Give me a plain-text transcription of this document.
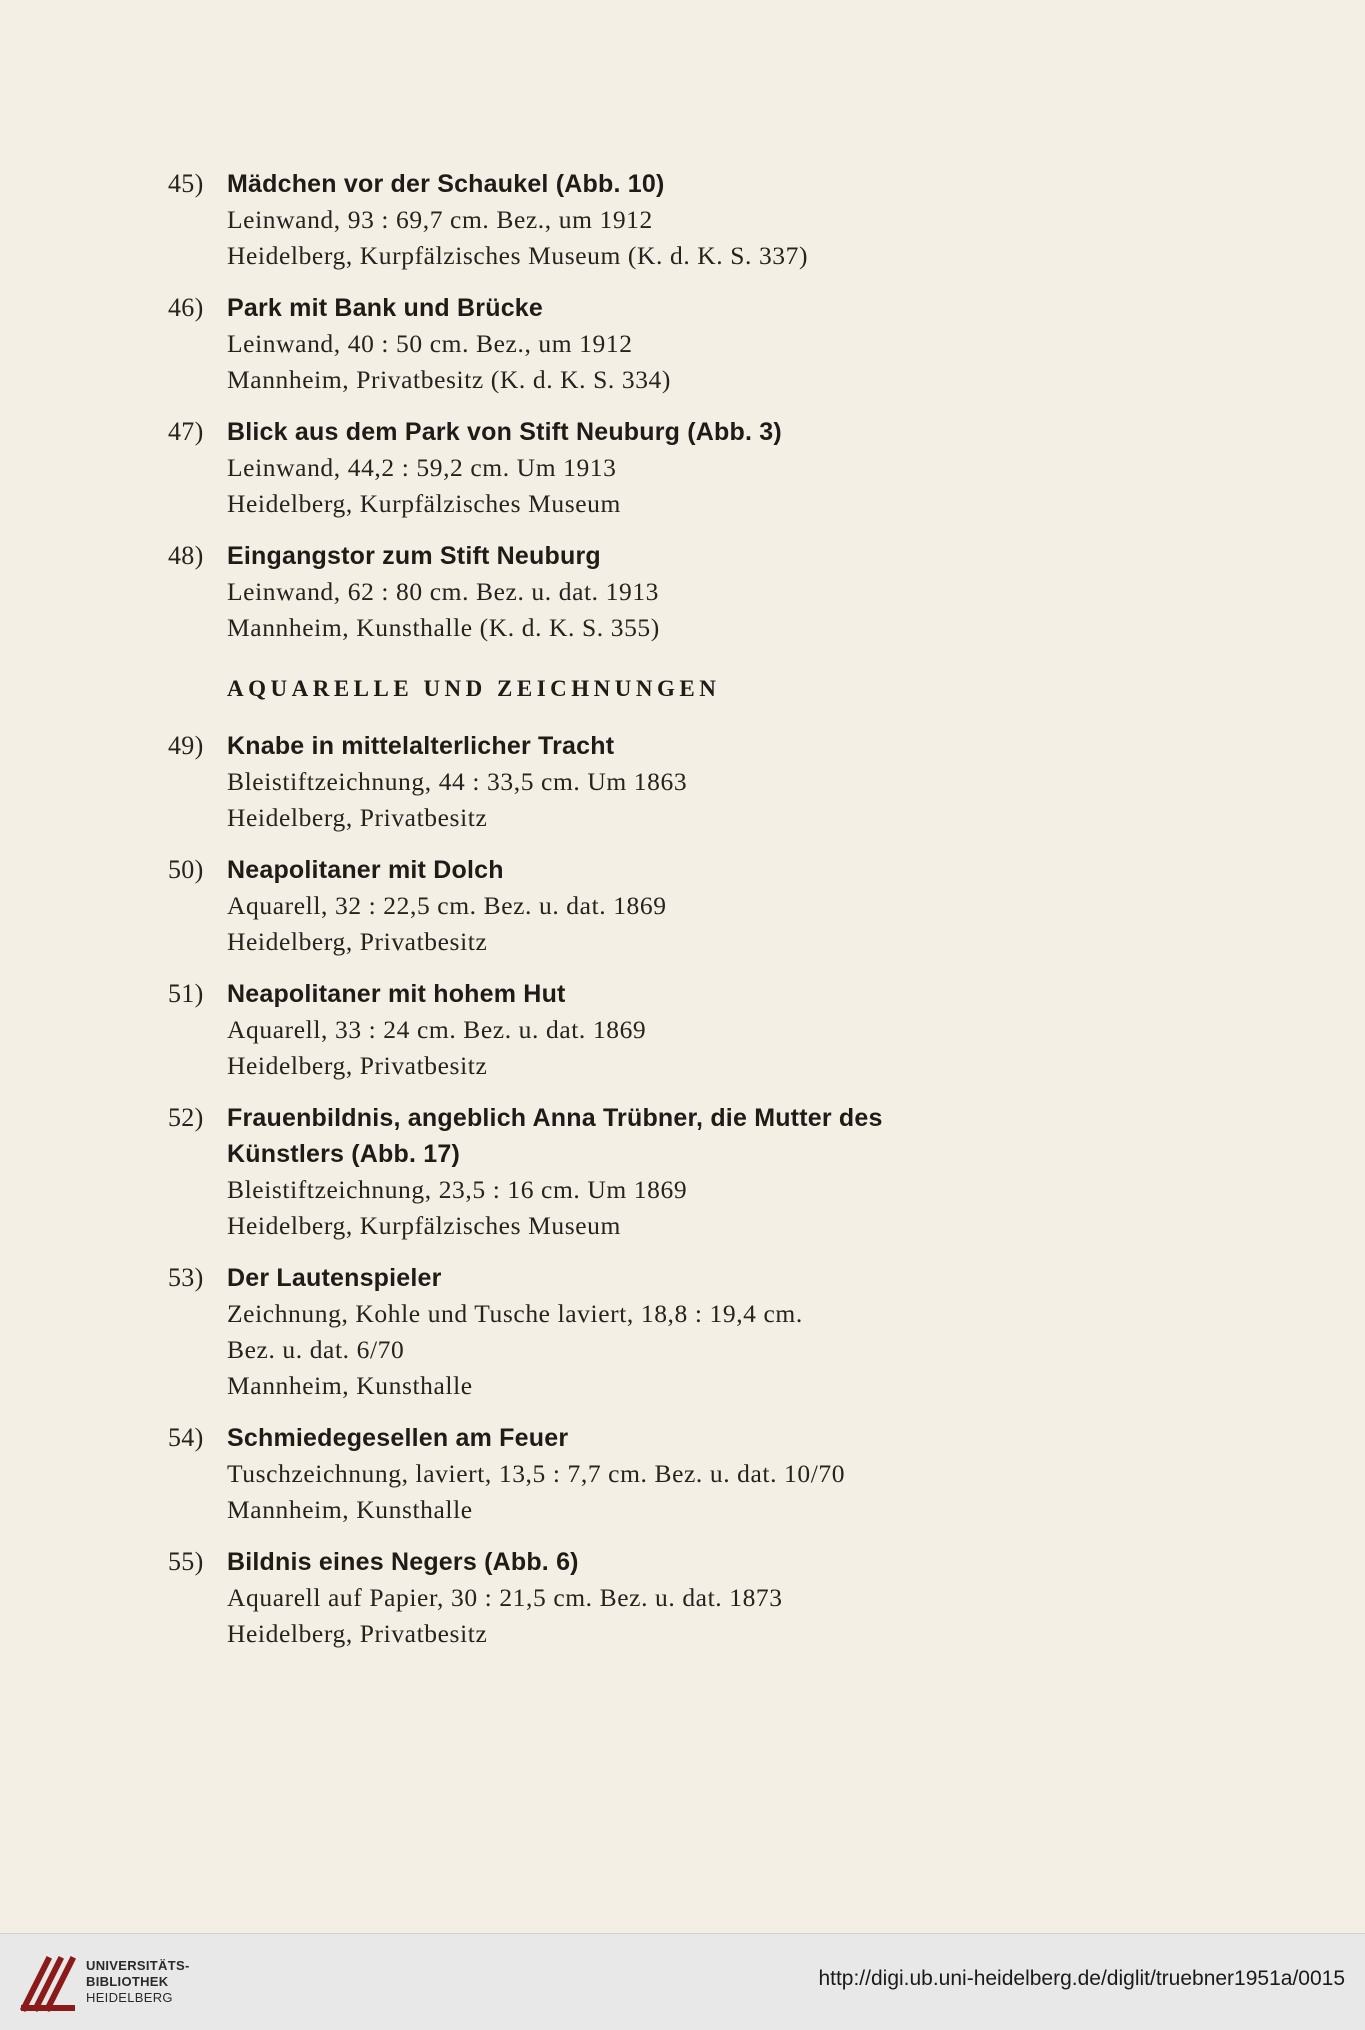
45) Mädchen vor der Schaukel (Abb. 10)
Leinwand, 93 : 69,7 cm. Bez., um 1912
Heidelberg, Kurpfälzisches Museum (K. d. K. S. 337)
46) Park mit Bank und Brücke
Leinwand, 40 : 50 cm. Bez., um 1912
Mannheim, Privatbesitz (K. d. K. S. 334)
47) Blick aus dem Park von Stift Neuburg (Abb. 3)
Leinwand, 44,2 : 59,2 cm. Um 1913
Heidelberg, Kurpfälzisches Museum
48) Eingangstor zum Stift Neuburg
Leinwand, 62 : 80 cm. Bez. u. dat. 1913
Mannheim, Kunsthalle (K. d. K. S. 355)
AQUARELLE UND ZEICHNUNGEN
49) Knabe in mittelalterlicher Tracht
Bleistiftzeichnung, 44 : 33,5 cm. Um 1863
Heidelberg, Privatbesitz
50) Neapolitaner mit Dolch
Aquarell, 32 : 22,5 cm. Bez. u. dat. 1869
Heidelberg, Privatbesitz
51) Neapolitaner mit hohem Hut
Aquarell, 33 : 24 cm. Bez. u. dat. 1869
Heidelberg, Privatbesitz
52) Frauenbildnis, angeblich Anna Trübner, die Mutter des
Künstlers (Abb. 17)
Bleistiftzeichnung, 23,5 : 16 cm. Um 1869
Heidelberg, Kurpfälzisches Museum
53) Der Lautenspieler
Zeichnung, Kohle und Tusche laviert, 18,8 : 19,4 cm.
Bez. u. dat. 6/70
Mannheim, Kunsthalle
54) Schmiedegesellen am Feuer
Tuschzeichnung, laviert, 13,5 : 7,7 cm. Bez. u. dat. 10/70
Mannheim, Kunsthalle
55) Bildnis eines Negers (Abb. 6)
Aquarell auf Papier, 30 : 21,5 cm. Bez. u. dat. 1873
Heidelberg, Privatbesitz
UNIVERSITÄTS-
BIBLIOTHEK
HEIDELBERG
http://digi.ub.uni-heidelberg.de/diglit/truebner1951a/0015
